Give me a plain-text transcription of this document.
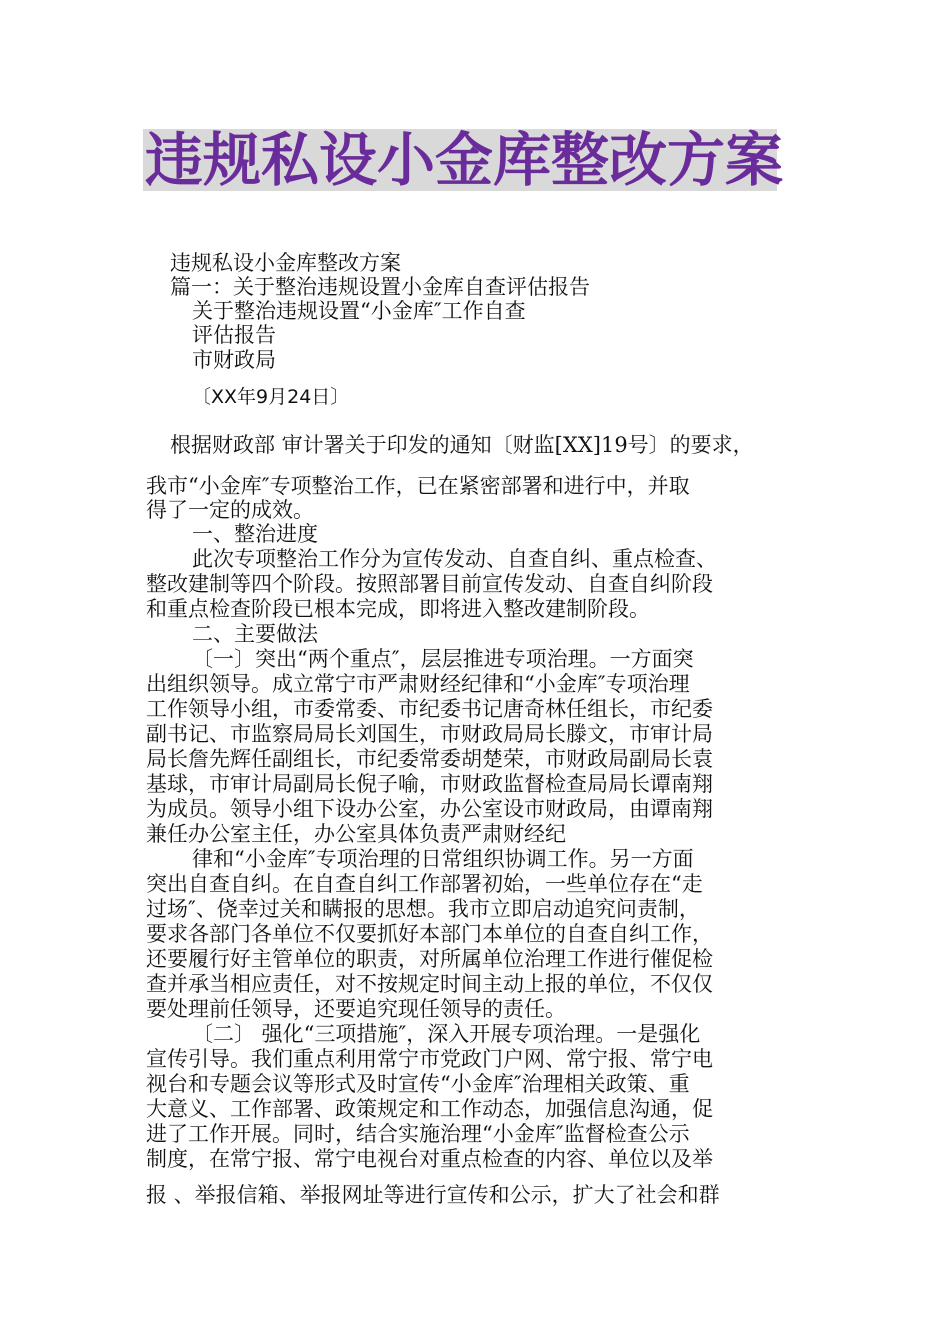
违规私设小金库整改方案
违规私设小金库整改方案
篇一：关于整治违规设置小金库自查评估报告
关于整治违规设置“小金库″工作自查
评估报告
市财政局
〔XX年9月24日〕
根据财政部 审计署关于印发的通知〔财监[XX]19号〕的要求，
我市“小金库″专项整治工作，已在紧密部署和进行中，并取
得了一定的成效。
一、整治进度
此次专项整治工作分为宣传发动、自查自纠、重点检查、
整改建制等四个阶段。按照部署目前宣传发动、自查自纠阶段
和重点检查阶段已根本完成，即将进入整改建制阶段。
二、主要做法
〔一〕突出“两个重点″，层层推进专项治理。一方面突
出组织领导。成立常宁市严肃财经纪律和“小金库″专项治理
工作领导小组，市委常委、市纪委书记唐奇林任组长，市纪委
副书记、市监察局局长刘国生，市财政局局长滕文，市审计局
局长詹先辉任副组长，市纪委常委胡楚荣，市财政局副局长袁
基球，市审计局副局长倪子喻，市财政监督检查局局长谭南翔
为成员。领导小组下设办公室，办公室设市财政局，由谭南翔
兼任办公室主任，办公室具体负责严肃财经纪
律和“小金库″专项治理的日常组织协调工作。另一方面
突出自查自纠。在自查自纠工作部署初始，一些单位存在“走
过场″、侥幸过关和瞒报的思想。我市立即启动追究问责制，
要求各部门各单位不仅要抓好本部门本单位的自查自纠工作，
还要履行好主管单位的职责，对所属单位治理工作进行催促检
查并承当相应责任，对不按规定时间主动上报的单位，不仅仅
要处理前任领导，还要追究现任领导的责任。
〔二〕 强化“三项措施″，深入开展专项治理。一是强化
宣传引导。我们重点利用常宁市党政门户网、常宁报、常宁电
视台和专题会议等形式及时宣传“小金库″治理相关政策、重
大意义、工作部署、政策规定和工作动态，加强信息沟通，促
进了工作开展。同时，结合实施治理“小金库″监督检查公示
制度，在常宁报、常宁电视台对重点检查的内容、单位以及举
报 、举报信箱、举报网址等进行宣传和公示，扩大了社会和群
